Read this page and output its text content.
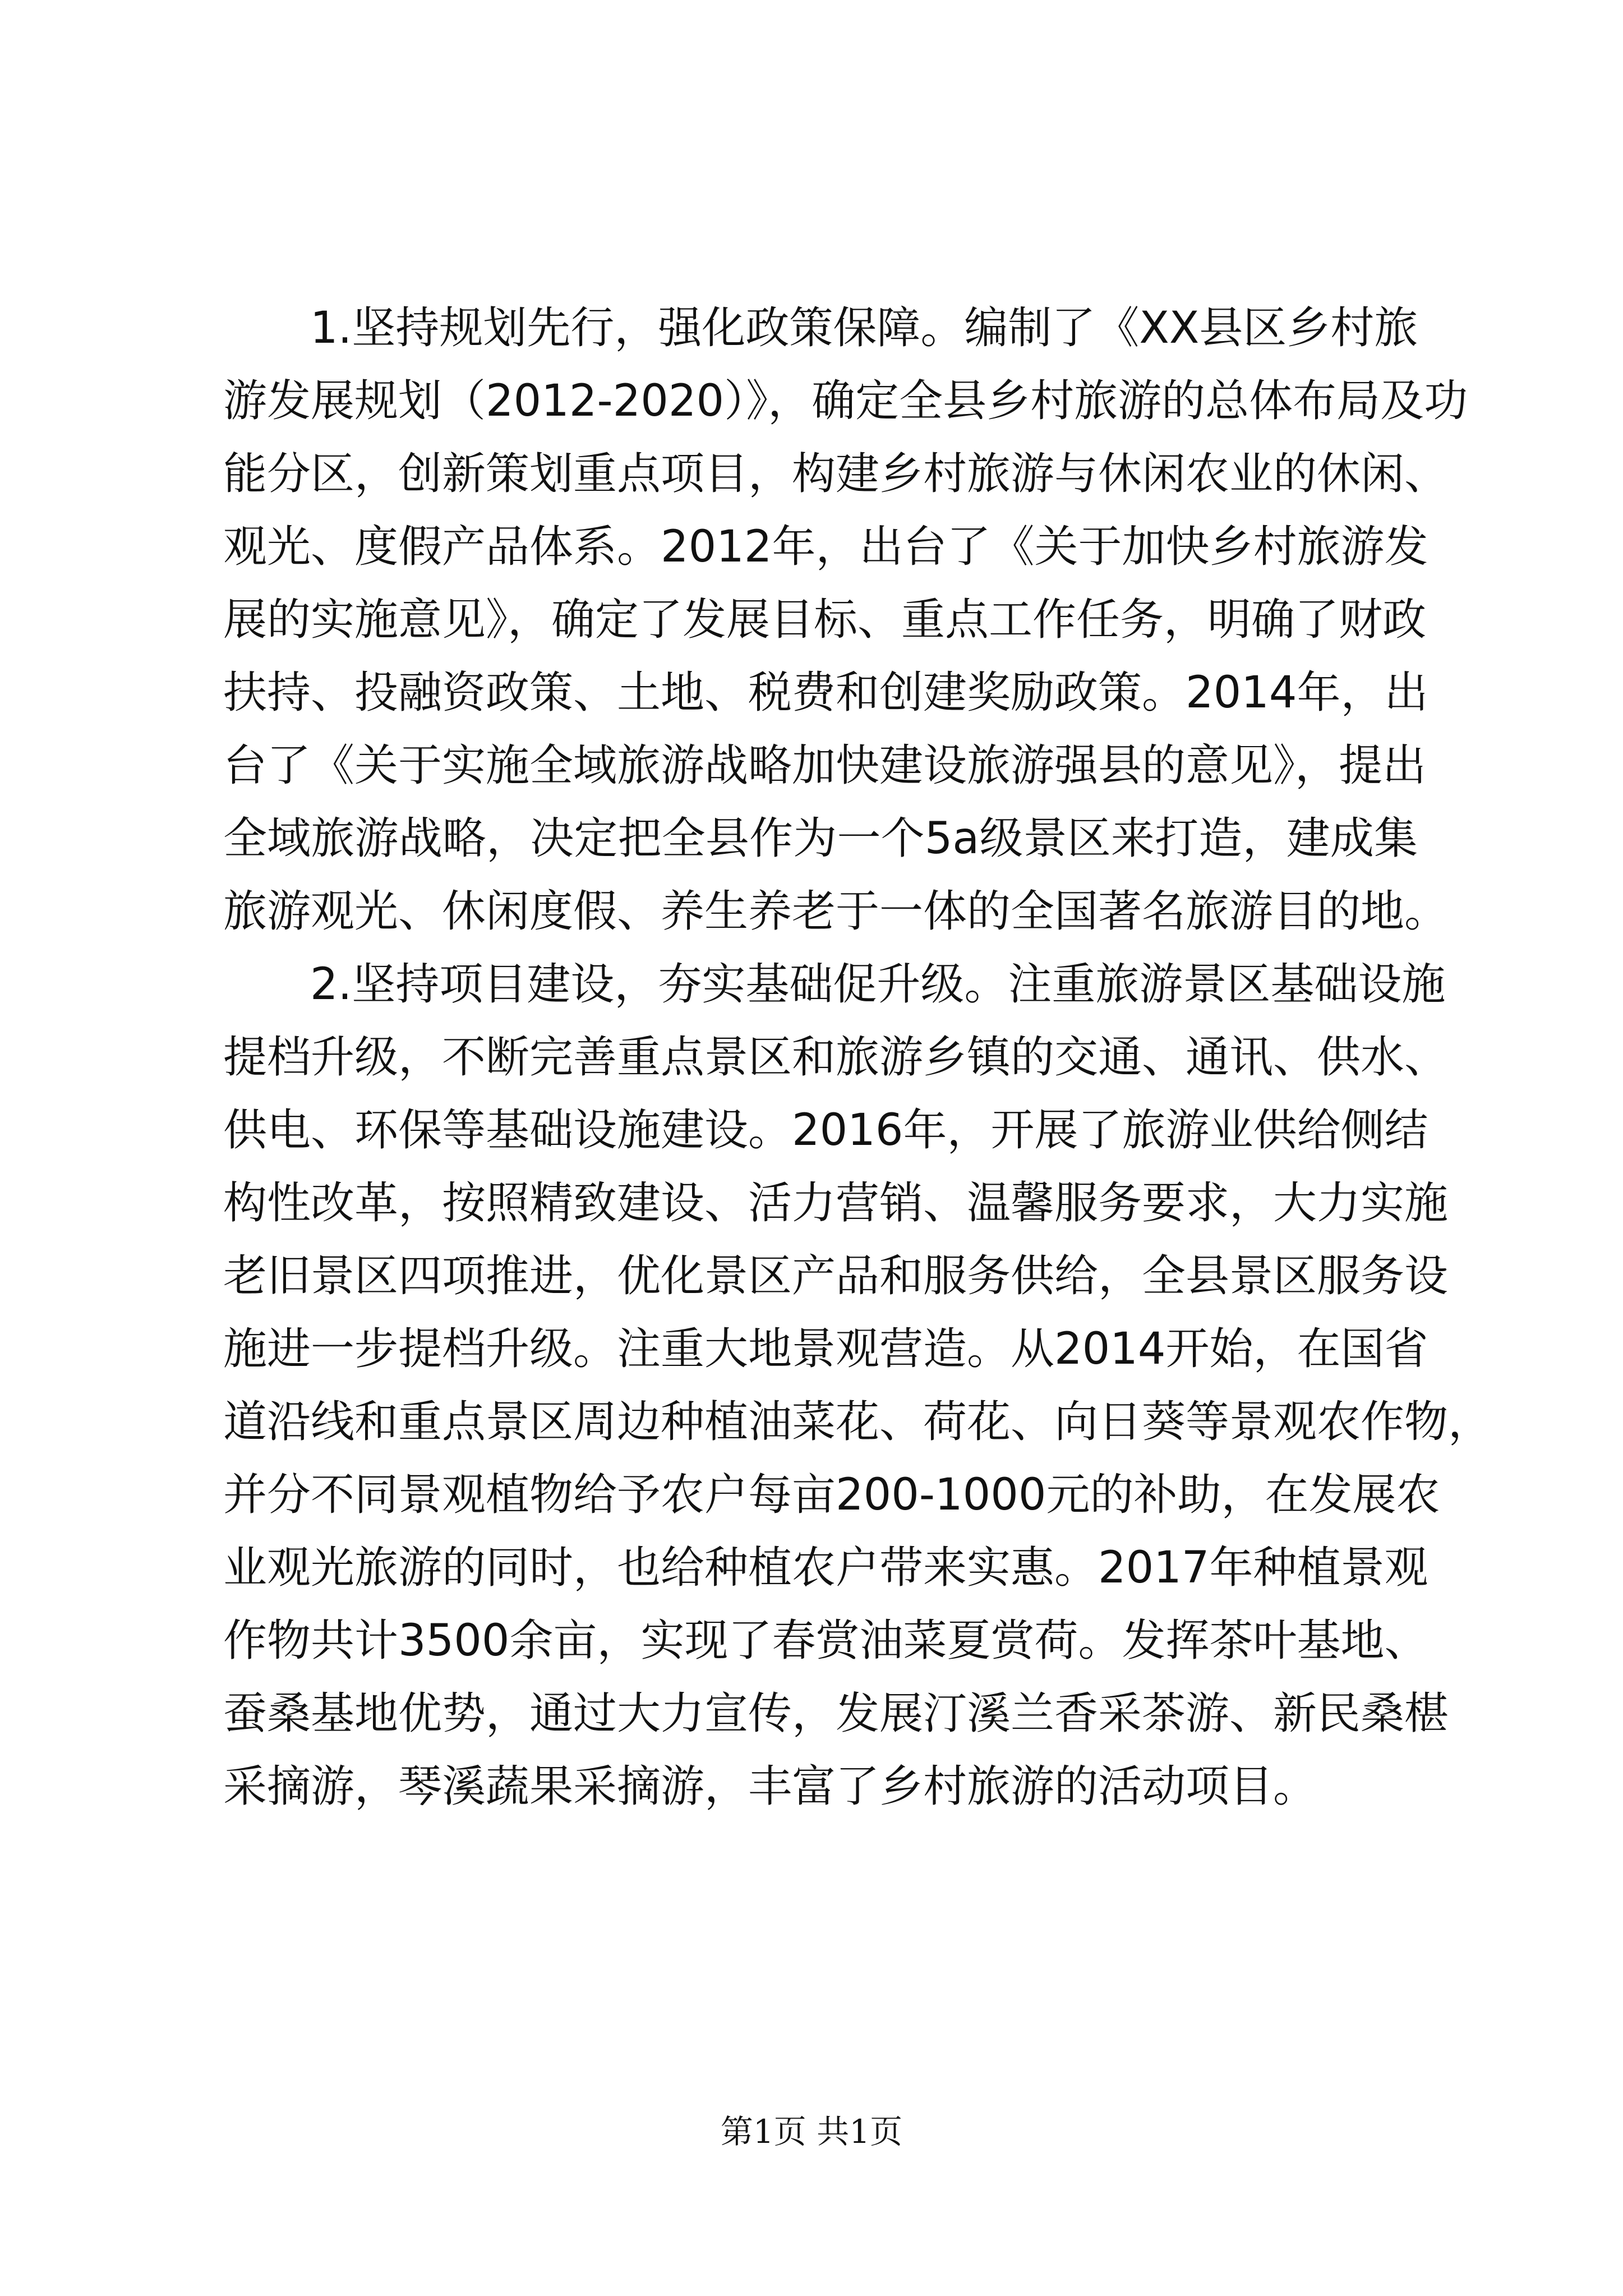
1.坚持规划先行，强化政策保障。编制了《XX县区乡村旅
游发展规划（2012-2020）》，确定全县乡村旅游的总体布局及功
能分区，创新策划重点项目，构建乡村旅游与休闲农业的休闲、
观光、度假产品体系。2012年，出台了《关于加快乡村旅游发
展的实施意见》，确定了发展目标、重点工作任务，明确了财政
扶持、投融资政策、土地、税费和创建奖励政策。2014年，出
台了《关于实施全域旅游战略加快建设旅游强县的意见》，提出
全域旅游战略，决定把全县作为一个5a级景区来打造，建成集
旅游观光、休闲度假、养生养老于一体的全国著名旅游目的地。
2.坚持项目建设，夯实基础促升级。注重旅游景区基础设施
提档升级，不断完善重点景区和旅游乡镇的交通、通讯、供水、
供电、环保等基础设施建设。2016年，开展了旅游业供给侧结
构性改革，按照精致建设、活力营销、温馨服务要求，大力实施
老旧景区四项推进，优化景区产品和服务供给，全县景区服务设
施进一步提档升级。注重大地景观营造。从2014开始，在国省
道沿线和重点景区周边种植油菜花、荷花、向日葵等景观农作物，
并分不同景观植物给予农户每亩200-1000元的补助，在发展农
业观光旅游的同时，也给种植农户带来实惠。2017年种植景观
作物共计3500余亩，实现了春赏油菜夏赏荷。发挥茶叶基地、
蚕桑基地优势，通过大力宣传，发展汀溪兰香采茶游、新民桑椹
采摘游，琴溪蔬果采摘游，丰富了乡村旅游的活动项目。
第1页 共1页
